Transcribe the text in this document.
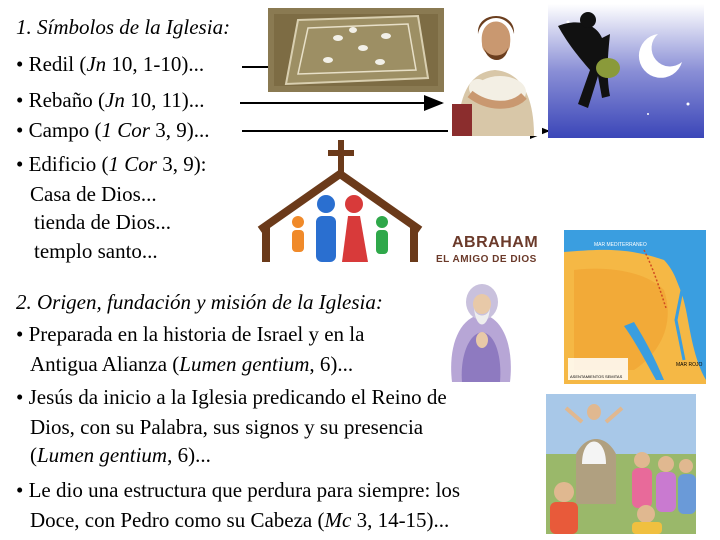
1. Símbolos de la Iglesia:
• Redil (Jn 10, 1-10)...
• Rebaño (Jn 10, 11)...
• Campo (1 Cor 3, 9)...
• Edificio (1 Cor 3, 9):
Casa de Dios...
tienda de Dios...
templo santo...	ABRAHAM
EL AMIGO DE DIOS
MAR MEDITERRANEO
MAR ROJO
ASENTAMIENTOS SEMITAS
2. Origen, fundación y misión de la Iglesia:
• Preparada en la historia de Israel y en la
Antigua Alianza (Lumen gentium, 6)...
• Jesús da inicio a la Iglesia predicando el Reino de
Dios, con su Palabra, sus signos y su presencia
(Lumen gentium, 6)...
• Le dio una estructura que perdura para siempre: los
Doce, con Pedro como su Cabeza (Mc 3, 14-15)...
